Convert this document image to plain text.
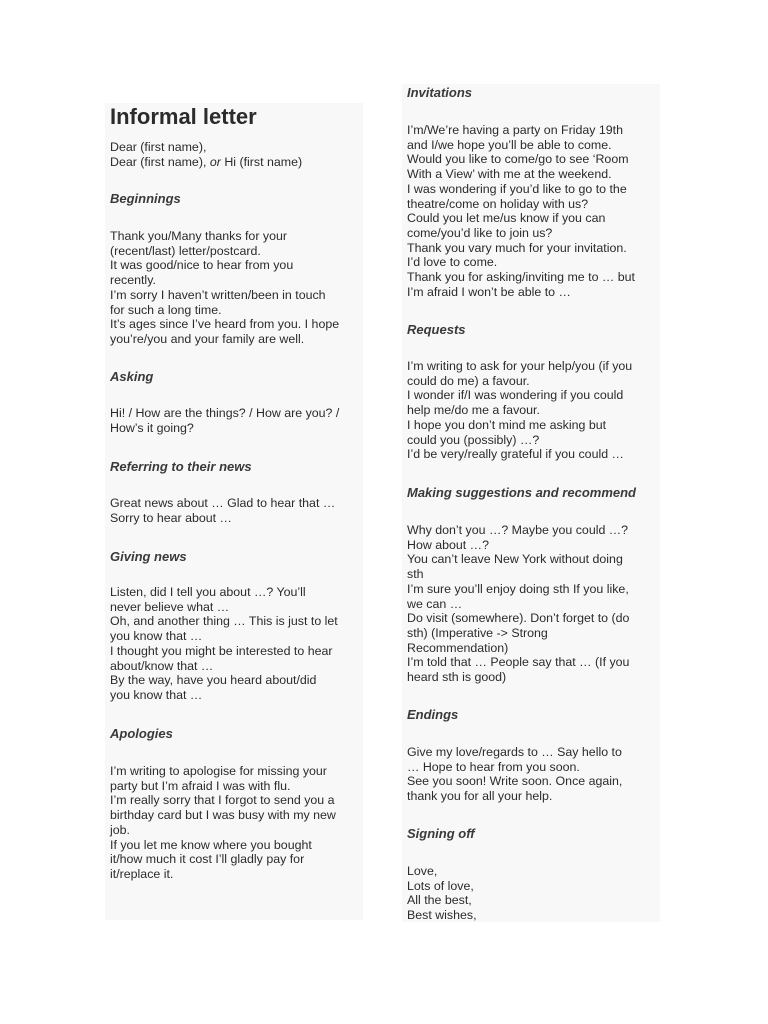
Informal letter
Dear (first name),
Dear (first name), or Hi (first name)
Beginnings
Thank you/Many thanks for your
(recent/last) letter/postcard.
It was good/nice to hear from you
recently.
I’m sorry I haven’t written/been in touch
for such a long time.
It’s ages since I’ve heard from you. I hope
you’re/you and your family are well.
Asking
Hi! / How are the things? / How are you? /
How’s it going?
Referring to their news
Great news about … Glad to hear that …
Sorry to hear about …
Giving news
Listen, did I tell you about …? You’ll
never believe what …
Oh, and another thing … This is just to let
you know that …
I thought you might be interested to hear
about/know that …
By the way, have you heard about/did
you know that …
Apologies
I’m writing to apologise for missing your
party but I’m afraid I was with flu.
I’m really sorry that I forgot to send you a
birthday card but I was busy with my new
job.
If you let me know where you bought
it/how much it cost I’ll gladly pay for
it/replace it.
Invitations
I’m/We’re having a party on Friday 19th
and I/we hope you’ll be able to come.
Would you like to come/go to see ‘Room
With a View’ with me at the weekend.
I was wondering if you’d like to go to the
theatre/come on holiday with us?
Could you let me/us know if you can
come/you’d like to join us?
Thank you vary much for your invitation.
I’d love to come.
Thank you for asking/inviting me to … but
I’m afraid I won’t be able to …
Requests
I’m writing to ask for your help/you (if you
could do me) a favour.
I wonder if/I was wondering if you could
help me/do me a favour.
I hope you don’t mind me asking but
could you (possibly) …?
I’d be very/really grateful if you could …
Making suggestions and recommend
Why don’t you …? Maybe you could …?
How about …?
You can’t leave New York without doing
sth
I’m sure you’ll enjoy doing sth If you like,
we can …
Do visit (somewhere). Don’t forget to (do
sth) (Imperative -> Strong
Recommendation)
I’m told that … People say that … (If you
heard sth is good)
Endings
Give my love/regards to … Say hello to
… Hope to hear from you soon.
See you soon! Write soon. Once again,
thank you for all your help.
Signing off
Love,
Lots of love,
All the best,
Best wishes,
